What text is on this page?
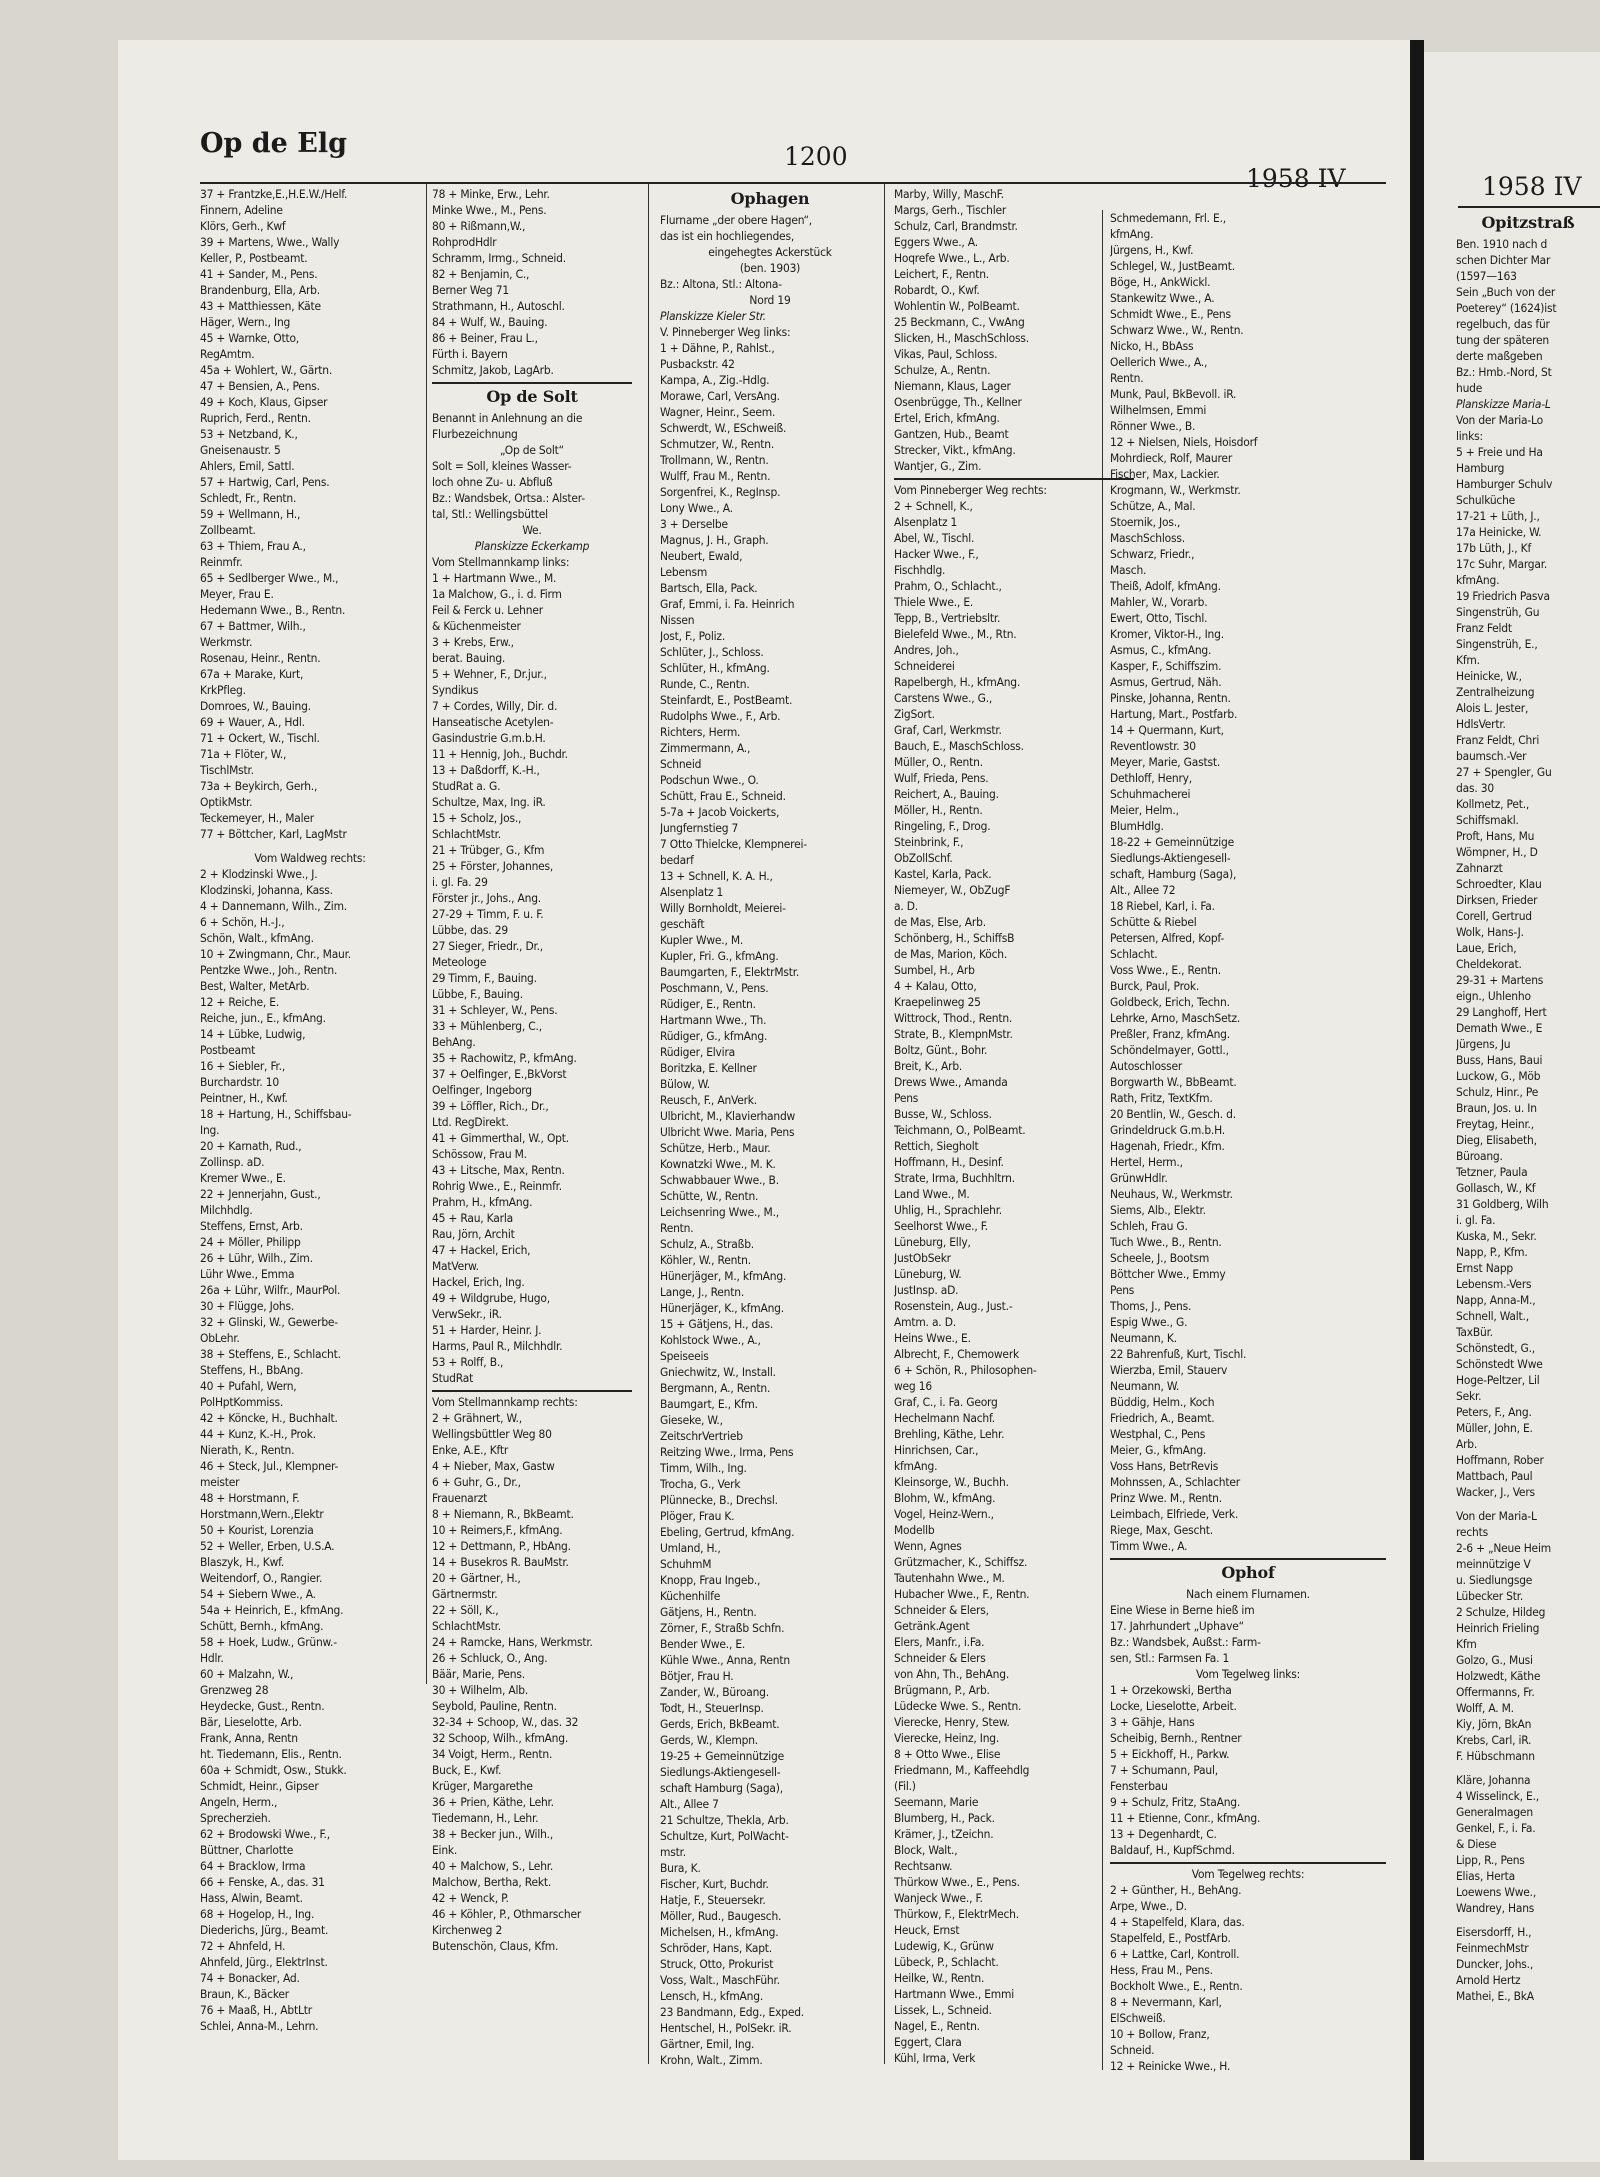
Op de Elg	1200
1958 IV	1958 IV
37 + Frantzke,E.,H.E.W./Helf.
Finnern, Adeline
Klörs, Gerh., Kwf
39 + Martens, Wwe., Wally
Keller, P., Postbeamt.
41 + Sander, M., Pens.
Brandenburg, Ella, Arb.
43 + Matthiessen, Käte
Häger, Wern., Ing
45 + Warnke, Otto,
RegAmtm.
45a + Wohlert, W., Gärtn.
47 + Bensien, A., Pens.
49 + Koch, Klaus, Gipser
Ruprich, Ferd., Rentn.
53 + Netzband, K.,
Gneisenaustr. 5
Ahlers, Emil, Sattl.
57 + Hartwig, Carl, Pens.
Schledt, Fr., Rentn.
59 + Wellmann, H.,
Zollbeamt.
63 + Thiem, Frau A.,
Reinmfr.
65 + Sedlberger Wwe., M.,
Meyer, Frau E.
Hedemann Wwe., B., Rentn.
67 + Battmer, Wilh.,
Werkmstr.
Rosenau, Heinr., Rentn.
67a + Marake, Kurt,
KrkPfleg.
Domroes, W., Bauing.
69 + Wauer, A., Hdl.
71 + Ockert, W., Tischl.
71a + Flöter, W.,
TischlMstr.
73a + Beykirch, Gerh.,
OptikMstr.
Teckemeyer, H., Maler
77 + Böttcher, Karl, LagMstr
Vom Waldweg rechts:
2 + Klodzinski Wwe., J.
Klodzinski, Johanna, Kass.
4 + Dannemann, Wilh., Zim.
6 + Schön, H.-J.,
Schön, Walt., kfmAng.
10 + Zwingmann, Chr., Maur.
Pentzke Wwe., Joh., Rentn.
Best, Walter, MetArb.
12 + Reiche, E.
Reiche, jun., E., kfmAng.
14 + Lübke, Ludwig,
Postbeamt
16 + Siebler, Fr.,
Burchardstr. 10
Peintner, H., Kwf.
18 + Hartung, H., Schiffsbau-
Ing.
20 + Karnath, Rud.,
Zollinsp. aD.
Kremer Wwe., E.
22 + Jennerjahn, Gust.,
Milchhdlg.
Steffens, Ernst, Arb.
24 + Möller, Philipp
26 + Lühr, Wilh., Zim.
Lühr Wwe., Emma
26a + Lühr, Wilfr., MaurPol.
30 + Flügge, Johs.
32 + Glinski, W., Gewerbe-
ObLehr.
38 + Steffens, E., Schlacht.
Steffens, H., BbAng.
40 + Pufahl, Wern,
PolHptKommiss.
42 + Köncke, H., Buchhalt.
44 + Kunz, K.-H., Prok.
Nierath, K., Rentn.
46 + Steck, Jul., Klempner-
meister
48 + Horstmann, F.
Horstmann,Wern.,Elektr
50 + Kourist, Lorenzia
52 + Weller, Erben, U.S.A.
Blaszyk, H., Kwf.
Weitendorf, O., Rangier.
54 + Siebern Wwe., A.
54a + Heinrich, E., kfmAng.
Schütt, Bernh., kfmAng.
58 + Hoek, Ludw., Grünw.-
Hdlr.
60 + Malzahn, W.,
Grenzweg 28
Heydecke, Gust., Rentn.
Bär, Lieselotte, Arb.
Frank, Anna, Rentn
ht. Tiedemann, Elis., Rentn.
60a + Schmidt, Osw., Stukk.
Schmidt, Heinr., Gipser
Angeln, Herm.,
Sprecherzieh.
62 + Brodowski Wwe., F.,
Büttner, Charlotte
64 + Bracklow, Irma
66 + Fenske, A., das. 31
Hass, Alwin, Beamt.
68 + Hogelop, H., Ing.
Diederichs, Jürg., Beamt.
72 + Ahnfeld, H.
Ahnfeld, Jürg., ElektrInst.
74 + Bonacker, Ad.
Braun, K., Bäcker
76 + Maaß, H., AbtLtr
Schlei, Anna-M., Lehrn.
78 + Minke, Erw., Lehr.
Minke Wwe., M., Pens.
80 + Rißmann,W.,
RohprodHdlr
Schramm, Irmg., Schneid.
82 + Benjamin, C.,
Berner Weg 71
Strathmann, H., Autoschl.
84 + Wulf, W., Bauing.
86 + Beiner, Frau L.,
Fürth i. Bayern
Schmitz, Jakob, LagArb.
Op de Solt
Benannt in Anlehnung an die
Flurbezeichnung
„Op de Solt“
Solt = Soll, kleines Wasser-
loch ohne Zu- u. Abfluß
Bz.: Wandsbek, Ortsa.: Alster-
tal, Stl.: Wellingsbüttel
We.
Planskizze Eckerkamp
Vom Stellmannkamp links:
1 + Hartmann Wwe., M.
1a Malchow, G., i. d. Firm
Feil & Ferck u. Lehner
& Küchenmeister
3 + Krebs, Erw.,
berat. Bauing.
5 + Wehner, F., Dr.jur.,
Syndikus
7 + Cordes, Willy, Dir. d.
Hanseatische Acetylen-
Gasindustrie G.m.b.H.
11 + Hennig, Joh., Buchdr.
13 + Daßdorff, K.-H.,
StudRat a. G.
Schultze, Max, Ing. iR.
15 + Scholz, Jos.,
SchlachtMstr.
21 + Trübger, G., Kfm
25 + Förster, Johannes,
i. gl. Fa. 29
Förster jr., Johs., Ang.
27-29 + Timm, F. u. F.
Lübbe, das. 29
27 Sieger, Friedr., Dr.,
Meteologe
29 Timm, F., Bauing.
Lübbe, F., Bauing.
31 + Schleyer, W., Pens.
33 + Mühlenberg, C.,
BehAng.
35 + Rachowitz, P., kfmAng.
37 + Oelfinger, E.,BkVorst
Oelfinger, Ingeborg
39 + Löffler, Rich., Dr.,
Ltd. RegDirekt.
41 + Gimmerthal, W., Opt.
Schössow, Frau M.
43 + Litsche, Max, Rentn.
Rohrig Wwe., E., Reinmfr.
Prahm, H., kfmAng.
45 + Rau, Karla
Rau, Jörn, Archit
47 + Hackel, Erich,
MatVerw.
Hackel, Erich, Ing.
49 + Wildgrube, Hugo,
VerwSekr., iR.
51 + Harder, Heinr. J.
Harms, Paul R., Milchhdlr.
53 + Rolff, B.,
StudRat
Vom Stellmannkamp rechts:
2 + Grähnert, W.,
Wellingsbüttler Weg 80
Enke, A.E., Kftr
4 + Nieber, Max, Gastw
6 + Guhr, G., Dr.,
Frauenarzt
8 + Niemann, R., BkBeamt.
10 + Reimers,F., kfmAng.
12 + Dettmann, P., HbAng.
14 + Busekros R. BauMstr.
20 + Gärtner, H.,
Gärtnermstr.
22 + Söll, K.,
SchlachtMstr.
24 + Ramcke, Hans, Werkmstr.
26 + Schluck, O., Ang.
Bäär, Marie, Pens.
30 + Wilhelm, Alb.
Seybold, Pauline, Rentn.
32-34 + Schoop, W., das. 32
32 Schoop, Wilh., kfmAng.
34 Voigt, Herm., Rentn.
Buck, E., Kwf.
Krüger, Margarethe
36 + Prien, Käthe, Lehr.
Tiedemann, H., Lehr.
38 + Becker jun., Wilh.,
Eink.
40 + Malchow, S., Lehr.
Malchow, Bertha, Rekt.
42 + Wenck, P.
46 + Köhler, P., Othmarscher
Kirchenweg 2
Butenschön, Claus, Kfm.
Ophagen
Flurname „der obere Hagen“,
das ist ein hochliegendes,
eingehegtes Ackerstück
(ben. 1903)
Bz.: Altona, Stl.: Altona-
Nord 19
Planskizze Kieler Str.
V. Pinneberger Weg links:
1 + Dähne, P., Rahlst.,
Pusbackstr. 42
Kampa, A., Zig.-Hdlg.
Morawe, Carl, VersAng.
Wagner, Heinr., Seem.
Schwerdt, W., ESchweiß.
Schmutzer, W., Rentn.
Trollmann, W., Rentn.
Wulff, Frau M., Rentn.
Sorgenfrei, K., RegInsp.
Lony Wwe., A.
3 + Derselbe
Magnus, J. H., Graph.
Neubert, Ewald,
Lebensm
Bartsch, Ella, Pack.
Graf, Emmi, i. Fa. Heinrich
Nissen
Jost, F., Poliz.
Schlüter, J., Schloss.
Schlüter, H., kfmAng.
Runde, C., Rentn.
Steinfardt, E., PostBeamt.
Rudolphs Wwe., F., Arb.
Richters, Herm.
Zimmermann, A.,
Schneid
Podschun Wwe., O.
Schütt, Frau E., Schneid.
5-7a + Jacob Voickerts,
Jungfernstieg 7
7 Otto Thielcke, Klempnerei-
bedarf
13 + Schnell, K. A. H.,
Alsenplatz 1
Willy Bornholdt, Meierei-
geschäft
Kupler Wwe., M.
Kupler, Fri. G., kfmAng.
Baumgarten, F., ElektrMstr.
Poschmann, V., Pens.
Rüdiger, E., Rentn.
Hartmann Wwe., Th.
Rüdiger, G., kfmAng.
Rüdiger, Elvira
Boritzka, E. Kellner
Bülow, W.
Reusch, F., AnVerk.
Ulbricht, M., Klavierhandw
Ulbricht Wwe. Maria, Pens
Schütze, Herb., Maur.
Kownatzki Wwe., M. K.
Schwabbauer Wwe., B.
Schütte, W., Rentn.
Leichsenring Wwe., M.,
Rentn.
Schulz, A., Straßb.
Köhler, W., Rentn.
Hünerjäger, M., kfmAng.
Lange, J., Rentn.
Hünerjäger, K., kfmAng.
15 + Gätjens, H., das.
Kohlstock Wwe., A.,
Speiseeis
Gniechwitz, W., Install.
Bergmann, A., Rentn.
Baumgart, E., Kfm.
Gieseke, W.,
ZeitschrVertrieb
Reitzing Wwe., Irma, Pens
Timm, Wilh., Ing.
Trocha, G., Verk
Plünnecke, B., Drechsl.
Plöger, Frau K.
Ebeling, Gertrud, kfmAng.
Umland, H.,
SchuhmM
Knopp, Frau Ingeb.,
Küchenhilfe
Gätjens, H., Rentn.
Zörner, F., Straßb Schfn.
Bender Wwe., E.
Kühle Wwe., Anna, Rentn
Bötjer, Frau H.
Zander, W., Büroang.
Todt, H., SteuerInsp.
Gerds, Erich, BkBeamt.
Gerds, W., Klempn.
19-25 + Gemeinnützige
Siedlungs-Aktiengesell-
schaft Hamburg (Saga),
Alt., Allee 7
21 Schultze, Thekla, Arb.
Schultze, Kurt, PolWacht-
mstr.
Bura, K.
Fischer, Kurt, Buchdr.
Hatje, F., Steuersekr.
Möller, Rud., Baugesch.
Michelsen, H., kfmAng.
Schröder, Hans, Kapt.
Struck, Otto, Prokurist
Voss, Walt., MaschFühr.
Lensch, H., kfmAng.
23 Bandmann, Edg., Exped.
Hentschel, H., PolSekr. iR.
Gärtner, Emil, Ing.
Krohn, Walt., Zimm.
Marby, Willy, MaschF.
Margs, Gerh., Tischler
Schulz, Carl, Brandmstr.
Eggers Wwe., A.
Hoqrefe Wwe., L., Arb.
Leichert, F., Rentn.
Robardt, O., Kwf.
Wohlentin W., PolBeamt.
25 Beckmann, C., VwAng
Slicken, H., MaschSchloss.
Vikas, Paul, Schloss.
Schulze, A., Rentn.
Niemann, Klaus, Lager
Osenbrügge, Th., Kellner
Ertel, Erich, kfmAng.
Gantzen, Hub., Beamt
Strecker, Vikt., kfmAng.
Wantjer, G., Zim.
Vom Pinneberger Weg rechts:
2 + Schnell, K.,
Alsenplatz 1
Abel, W., Tischl.
Hacker Wwe., F.,
Fischhdlg.
Prahm, O., Schlacht.,
Thiele Wwe., E.
Tepp, B., Vertriebsltr.
Bielefeld Wwe., M., Rtn.
Andres, Joh.,
Schneiderei
Rapelbergh, H., kfmAng.
Carstens Wwe., G.,
ZigSort.
Graf, Carl, Werkmstr.
Bauch, E., MaschSchloss.
Müller, O., Rentn.
Wulf, Frieda, Pens.
Reichert, A., Bauing.
Möller, H., Rentn.
Ringeling, F., Drog.
Steinbrink, F.,
ObZollSchf.
Kastel, Karla, Pack.
Niemeyer, W., ObZugF
a. D.
de Mas, Else, Arb.
Schönberg, H., SchiffsB
de Mas, Marion, Köch.
Sumbel, H., Arb
4 + Kalau, Otto,
Kraepelinweg 25
Wittrock, Thod., Rentn.
Strate, B., KlempnMstr.
Boltz, Günt., Bohr.
Breit, K., Arb.
Drews Wwe., Amanda
Pens
Busse, W., Schloss.
Teichmann, O., PolBeamt.
Rettich, Siegholt
Hoffmann, H., Desinf.
Strate, Irma, Buchhltrn.
Land Wwe., M.
Uhlig, H., Sprachlehr.
Seelhorst Wwe., F.
Lüneburg, Elly,
JustObSekr
Lüneburg, W.
JustInsp. aD.
Rosenstein, Aug., Just.-
Amtm. a. D.
Heins Wwe., E.
Albrecht, F., Chemowerk
6 + Schön, R., Philosophen-
weg 16
Graf, C., i. Fa. Georg
Hechelmann Nachf.
Brehling, Käthe, Lehr.
Hinrichsen, Car.,
kfmAng.
Kleinsorge, W., Buchh.
Blohm, W., kfmAng.
Vogel, Heinz-Wern.,
Modellb
Wenn, Agnes
Grützmacher, K., Schiffsz.
Tautenhahn Wwe., M.
Hubacher Wwe., F., Rentn.
Schneider & Elers,
Getränk.Agent
Elers, Manfr., i.Fa.
Schneider & Elers
von Ahn, Th., BehAng.
Brügmann, P., Arb.
Lüdecke Wwe. S., Rentn.
Vierecke, Henry, Stew.
Vierecke, Heinz, Ing.
8 + Otto Wwe., Elise
Friedmann, M., Kaffeehdlg
(Fil.)
Seemann, Marie
Blumberg, H., Pack.
Krämer, J., tZeichn.
Block, Walt.,
Rechtsanw.
Thürkow Wwe., E., Pens.
Wanjeck Wwe., F.
Thürkow, F., ElektrMech.
Heuck, Ernst
Ludewig, K., Grünw
Lübeck, P., Schlacht.
Heilke, W., Rentn.
Hartmann Wwe., Emmi
Lissek, L., Schneid.
Nagel, E., Rentn.
Eggert, Clara
Kühl, Irma, Verk
Schmedemann, Frl. E.,
kfmAng.
Jürgens, H., Kwf.
Schlegel, W., JustBeamt.
Böge, H., AnkWickl.
Stankewitz Wwe., A.
Schmidt Wwe., E., Pens
Schwarz Wwe., W., Rentn.
Nicko, H., BbAss
Oellerich Wwe., A.,
Rentn.
Munk, Paul, BkBevoll. iR.
Wilhelmsen, Emmi
Rönner Wwe., B.
12 + Nielsen, Niels, Hoisdorf
Mohrdieck, Rolf, Maurer
Fischer, Max, Lackier.
Krogmann, W., Werkmstr.
Schütze, A., Mal.
Stoernik, Jos.,
MaschSchloss.
Schwarz, Friedr.,
Masch.
Theiß, Adolf, kfmAng.
Mahler, W., Vorarb.
Ewert, Otto, Tischl.
Kromer, Viktor-H., Ing.
Asmus, C., kfmAng.
Kasper, F., Schiffszim.
Asmus, Gertrud, Näh.
Pinske, Johanna, Rentn.
Hartung, Mart., Postfarb.
14 + Quermann, Kurt,
Reventlowstr. 30
Meyer, Marie, Gastst.
Dethloff, Henry,
Schuhmacherei
Meier, Helm.,
BlumHdlg.
18-22 + Gemeinnützige
Siedlungs-Aktiengesell-
schaft, Hamburg (Saga),
Alt., Allee 72
18 Riebel, Karl, i. Fa.
Schütte & Riebel
Petersen, Alfred, Kopf-
Schlacht.
Voss Wwe., E., Rentn.
Burck, Paul, Prok.
Goldbeck, Erich, Techn.
Lehrke, Arno, MaschSetz.
Preßler, Franz, kfmAng.
Schöndelmayer, Gottl.,
Autoschlosser
Borgwarth W., BbBeamt.
Rath, Fritz, TextKfm.
20 Bentlin, W., Gesch. d.
Grindeldruck G.m.b.H.
Hagenah, Friedr., Kfm.
Hertel, Herm.,
GrünwHdlr.
Neuhaus, W., Werkmstr.
Siems, Alb., Elektr.
Schleh, Frau G.
Tuch Wwe., B., Rentn.
Scheele, J., Bootsm
Böttcher Wwe., Emmy
Pens
Thoms, J., Pens.
Espig Wwe., G.
Neumann, K.
22 Bahrenfuß, Kurt, Tischl.
Wierzba, Emil, Stauerv
Neumann, W.
Büddig, Helm., Koch
Friedrich, A., Beamt.
Westphal, C., Pens
Meier, G., kfmAng.
Voss Hans, BetrRevis
Mohnssen, A., Schlachter
Prinz Wwe. M., Rentn.
Leimbach, Elfriede, Verk.
Riege, Max, Gescht.
Timm Wwe., A.
Ophof
Nach einem Flurnamen.
Eine Wiese in Berne hieß im
17. Jahrhundert „Uphave“
Bz.: Wandsbek, Außst.: Farm-
sen, Stl.: Farmsen Fa. 1
Vom Tegelweg links:
1 + Orzekowski, Bertha
Locke, Lieselotte, Arbeit.
3 + Gähje, Hans
Scheibig, Bernh., Rentner
5 + Eickhoff, H., Parkw.
7 + Schumann, Paul,
Fensterbau
9 + Schulz, Fritz, StaAng.
11 + Etienne, Conr., kfmAng.
13 + Degenhardt, C.
Baldauf, H., KupfSchmd.
Vom Tegelweg rechts:
2 + Günther, H., BehAng.
Arpe, Wwe., D.
4 + Stapelfeld, Klara, das.
Stapelfeld, E., PostfArb.
6 + Lattke, Carl, Kontroll.
Hess, Frau M., Pens.
Bockholt Wwe., E., Rentn.
8 + Nevermann, Karl,
ElSchweiß.
10 + Bollow, Franz,
Schneid.
12 + Reinicke Wwe., H.
Opitzstraß
Ben. 1910 nach d
schen Dichter Mar
(1597—163
Sein „Buch von der
Poeterey“ (1624)ist
regelbuch, das für
tung der späteren
derte maßgeben
Bz.: Hmb.-Nord, St
hude
Planskizze Maria-L
Von der Maria-Lo
links:
5 + Freie und Ha
Hamburg
Hamburger Schulv
Schulküche
17-21 + Lüth, J.,
17a Heinicke, W.
17b Lüth, J., Kf
17c Suhr, Margar.
kfmAng.
19 Friedrich Pasva
Singenstrüh, Gu
Franz Feldt
Singenstrüh, E.,
Kfm.
Heinicke, W.,
Zentralheizung
Alois L. Jester,
HdlsVertr.
Franz Feldt, Chri
baumsch.-Ver
27 + Spengler, Gu
das. 30
Kollmetz, Pet.,
Schiffsmakl.
Proft, Hans, Mu
Wömpner, H., D
Zahnarzt
Schroedter, Klau
Dirksen, Frieder
Corell, Gertrud
Wolk, Hans-J.
Laue, Erich,
Cheldekorat.
29-31 + Martens
eign., Uhlenho
29 Langhoff, Hert
Demath Wwe., E
Jürgens, Ju
Buss, Hans, Baui
Luckow, G., Möb
Schulz, Hinr., Pe
Braun, Jos. u. In
Freytag, Heinr.,
Dieg, Elisabeth,
Büroang.
Tetzner, Paula
Gollasch, W., Kf
31 Goldberg, Wilh
i. gl. Fa.
Kuska, M., Sekr.
Napp, P., Kfm.
Ernst Napp
Lebensm.-Vers
Napp, Anna-M.,
Schnell, Walt.,
TaxBür.
Schönstedt, G.,
Schönstedt Wwe
Hoge-Peltzer, Lil
Sekr.
Peters, F., Ang.
Müller, John, E.
Arb.
Hoffmann, Rober
Mattbach, Paul
Wacker, J., Vers
Von der Maria-L
rechts
2-6 + „Neue Heim
meinnützige V
u. Siedlungsge
Lübecker Str.
2 Schulze, Hildeg
Heinrich Frieling
Kfm
Golzo, G., Musi
Holzwedt, Käthe
Offermanns, Fr.
Wolff, A. M.
Kiy, Jörn, BkAn
Krebs, Carl, iR.
F. Hübschmann
Kläre, Johanna
4 Wisselinck, E.,
Generalmagen
Genkel, F., i. Fa.
& Diese
Lipp, R., Pens
Elias, Herta
Loewens Wwe.,
Wandrey, Hans
Eisersdorff, H.,
FeinmechMstr
Duncker, Johs.,
Arnold Hertz
Mathei, E., BkA
